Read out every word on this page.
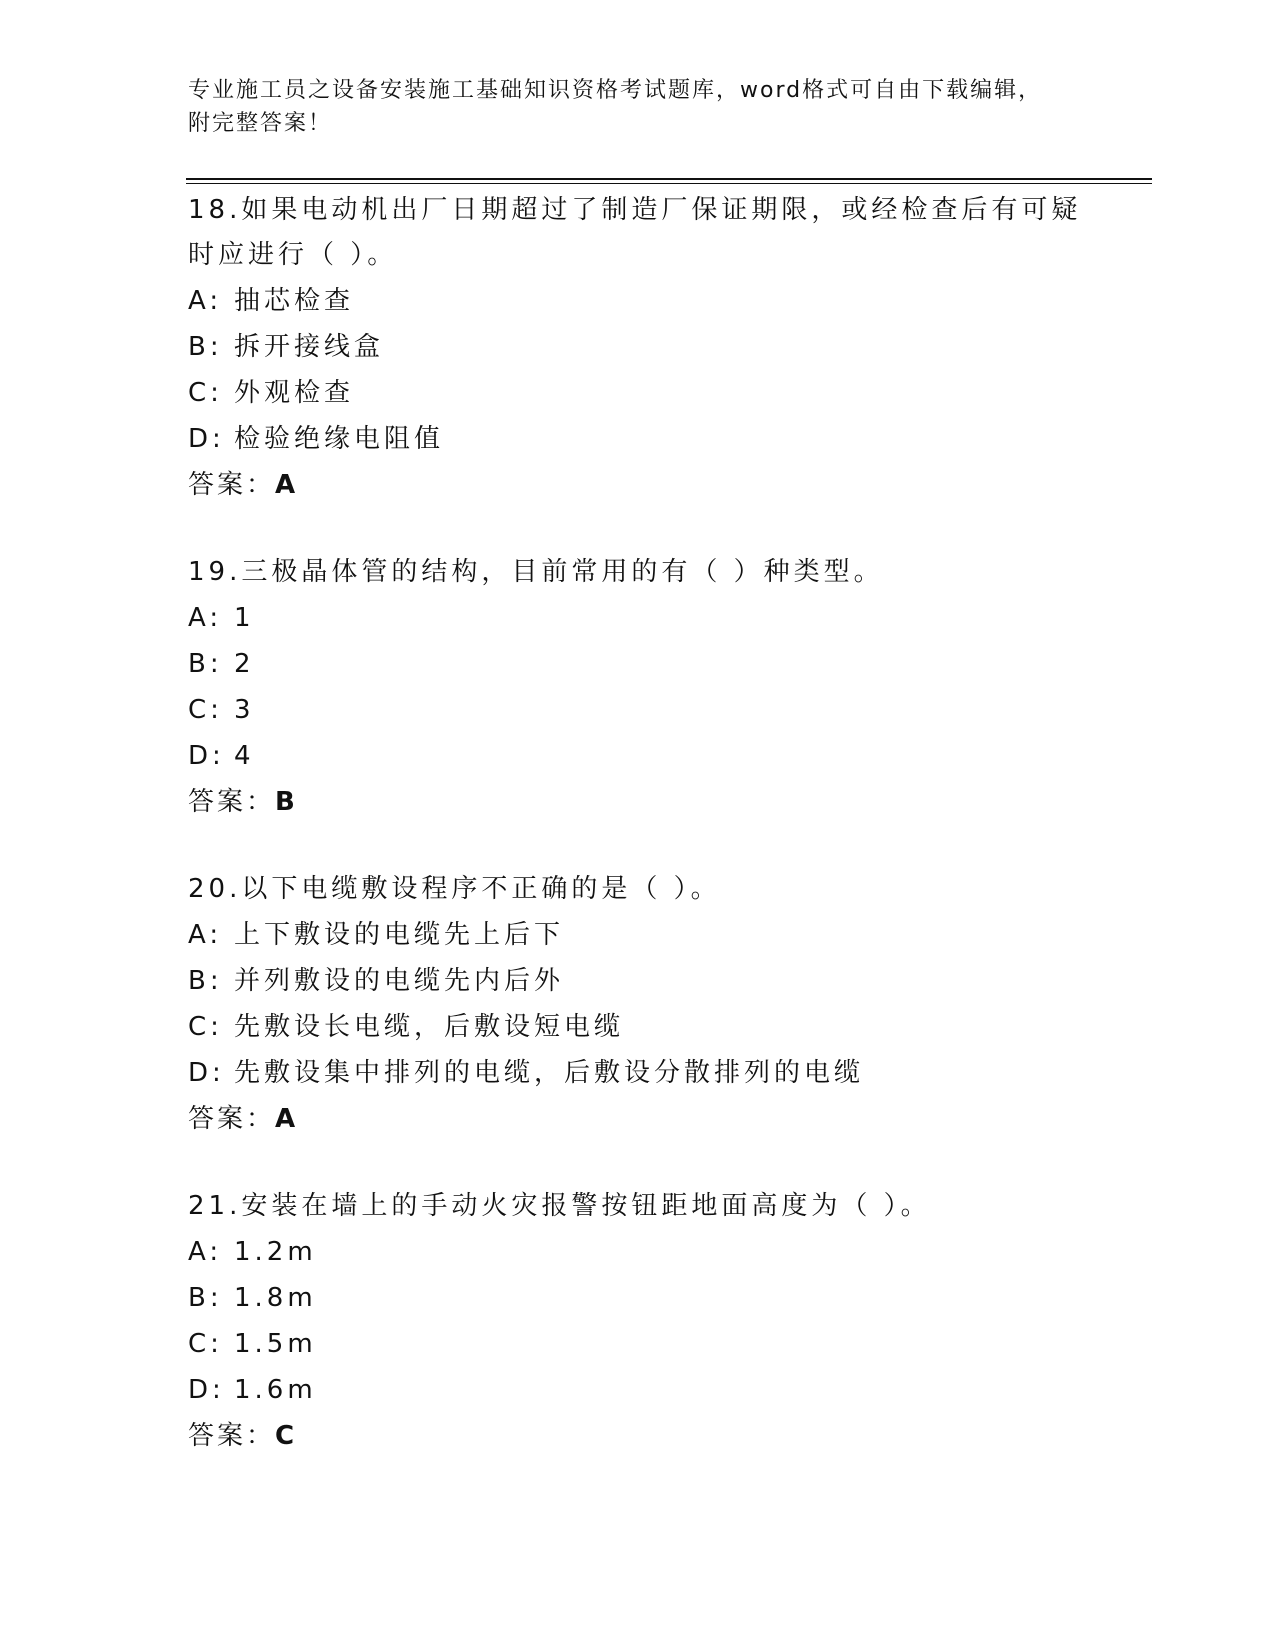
专业施工员之设备安装施工基础知识资格考试题库，word格式可自由下载编辑，
附完整答案！
18.如果电动机出厂日期超过了制造厂保证期限，或经检查后有可疑时应进行（ ）。
A: 抽芯检查
B: 拆开接线盒
C: 外观检查
D: 检验绝缘电阻值
答案：A
19.三极晶体管的结构，目前常用的有（ ）种类型。
A: 1
B: 2
C: 3
D: 4
答案：B
20.以下电缆敷设程序不正确的是（ ）。
A: 上下敷设的电缆先上后下
B: 并列敷设的电缆先内后外
C: 先敷设长电缆，后敷设短电缆
D: 先敷设集中排列的电缆，后敷设分散排列的电缆
答案：A
21.安装在墙上的手动火灾报警按钮距地面高度为（ ）。
A: 1.2m
B: 1.8m
C: 1.5m
D: 1.6m
答案：C
